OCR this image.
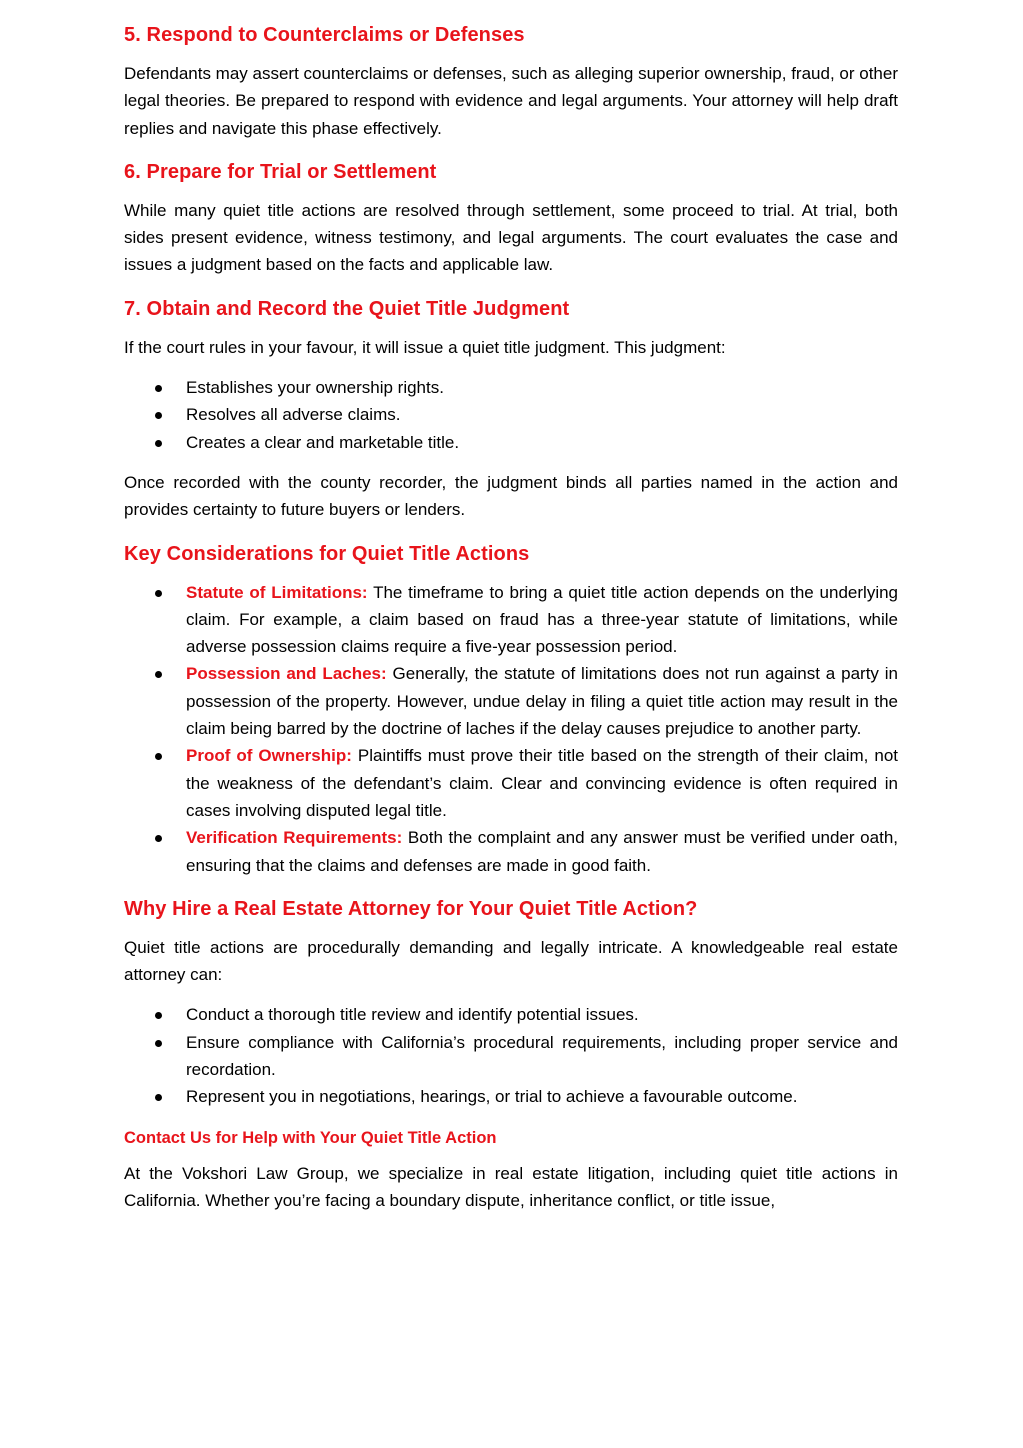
5. Respond to Counterclaims or Defenses

Defendants may assert counterclaims or defenses, such as alleging superior ownership, fraud, or other legal theories. Be prepared to respond with evidence and legal arguments. Your attorney will help draft replies and navigate this phase effectively.

6. Prepare for Trial or Settlement

While many quiet title actions are resolved through settlement, some proceed to trial. At trial, both sides present evidence, witness testimony, and legal arguments. The court evaluates the case and issues a judgment based on the facts and applicable law.

7. Obtain and Record the Quiet Title Judgment

If the court rules in your favour, it will issue a quiet title judgment. This judgment:

Establishes your ownership rights.
Resolves all adverse claims.
Creates a clear and marketable title.

Once recorded with the county recorder, the judgment binds all parties named in the action and provides certainty to future buyers or lenders.

Key Considerations for Quiet Title Actions
Statute of Limitations: The timeframe to bring a quiet title action depends on the underlying claim. For example, a claim based on fraud has a three-year statute of limitations, while adverse possession claims require a five-year possession period.
Possession and Laches: Generally, the statute of limitations does not run against a party in possession of the property. However, undue delay in filing a quiet title action may result in the claim being barred by the doctrine of laches if the delay causes prejudice to another party.
Proof of Ownership: Plaintiffs must prove their title based on the strength of their claim, not the weakness of the defendant’s claim. Clear and convincing evidence is often required in cases involving disputed legal title.
Verification Requirements: Both the complaint and any answer must be verified under oath, ensuring that the claims and defenses are made in good faith.
Why Hire a Real Estate Attorney for Your Quiet Title Action?

Quiet title actions are procedurally demanding and legally intricate. A knowledgeable real estate attorney can:

Conduct a thorough title review and identify potential issues.
Ensure compliance with California’s procedural requirements, including proper service and recordation.
Represent you in negotiations, hearings, or trial to achieve a favourable outcome.
Contact Us for Help with Your Quiet Title Action

At the Vokshori Law Group, we specialize in real estate litigation, including quiet title actions in California. Whether you’re facing a boundary dispute, inheritance conflict, or title issue,
